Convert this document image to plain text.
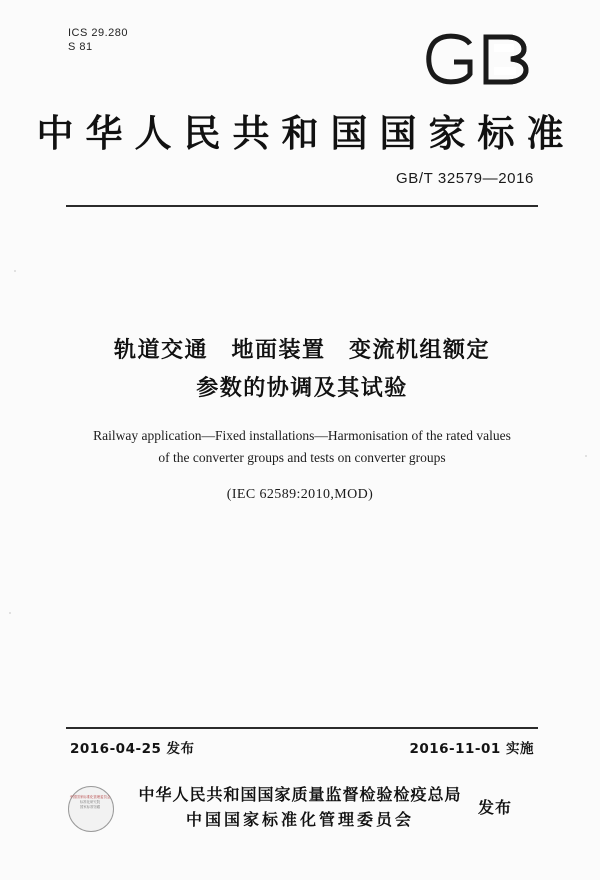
ICS 29.280
S 81
中华人民共和国国家标准
GB/T 32579—2016
轨道交通　地面装置　变流机组额定
参数的协调及其试验
Railway application—Fixed installations—Harmonisation of the rated values
of the converter groups and tests on converter groups
(IEC 62589:2010,MOD)
2016-04-25 发布	2016-11-01 实施
中华人民共和国国家质量监督检验检疫总局
中国国家标准化管理委员会
发布
中国国家标准化管理委员会
标准化研究院
国家标准馆藏
